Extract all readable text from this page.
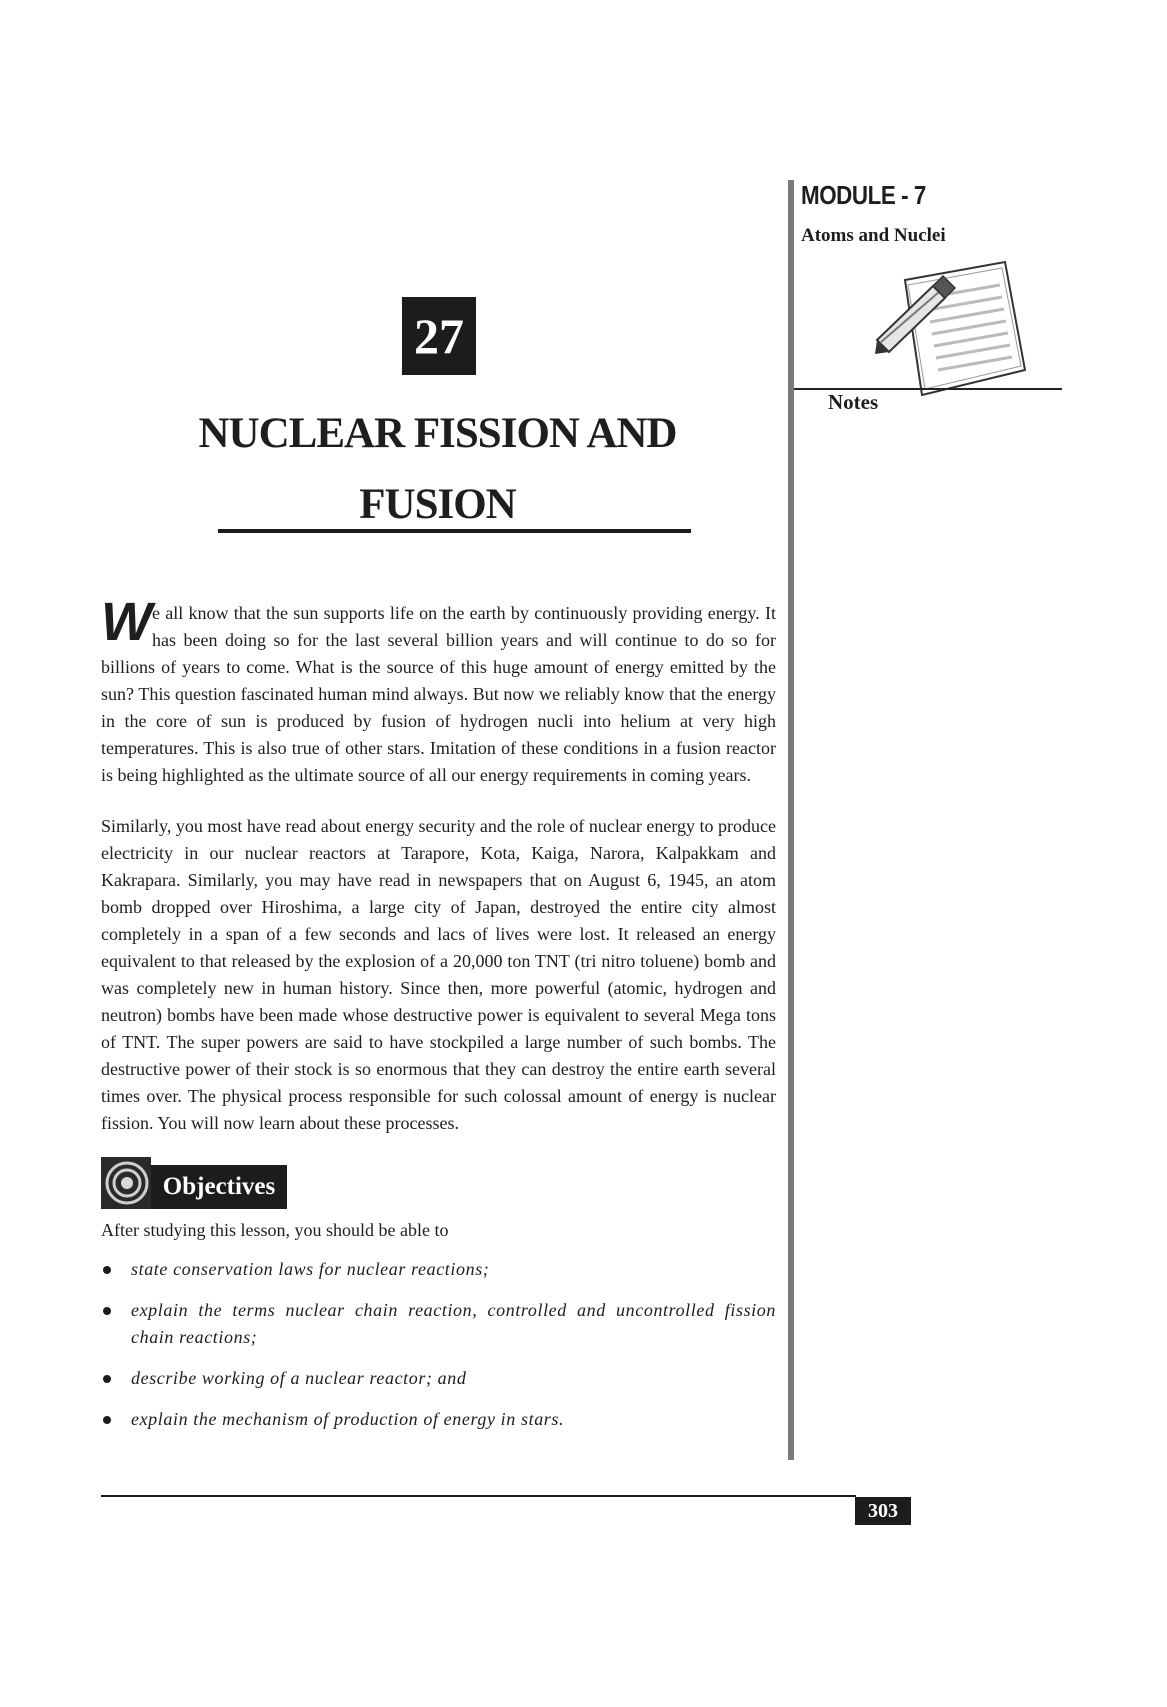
MODULE - 7
Atoms and Nuclei
Notes
27
NUCLEAR FISSION AND
FUSION

We all know that the sun supports life on the earth by continuously providing energy. It has been doing so for the last several billion years and will continue to do so for billions of years to come. What is the source of this huge amount of energy emitted by the sun? This question fascinated human mind always. But now we reliably know that the energy in the core of sun is produced by fusion of hydrogen nucli into helium at very high temperatures. This is also true of other stars. Imitation of these conditions in a fusion reactor is being highlighted as the ultimate source of all our energy requirements in coming years.

Similarly, you most have read about energy security and the role of nuclear energy to produce electricity in our nuclear reactors at Tarapore, Kota, Kaiga, Narora, Kalpakkam and Kakrapara. Similarly, you may have read in newspapers that on August 6, 1945, an atom bomb dropped over Hiroshima, a large city of Japan, destroyed the entire city almost completely in a span of a few seconds and lacs of lives were lost. It released an energy equivalent to that released by the explosion of a 20,000 ton TNT (tri nitro toluene) bomb and was completely new in human history. Since then, more powerful (atomic, hydrogen and neutron) bombs have been made whose destructive power is equivalent to several Mega tons of TNT. The super powers are said to have stockpiled a large number of such bombs. The destructive power of their stock is so enormous that they can destroy the entire earth several times over. The physical process responsible for such colossal amount of energy is nuclear fission. You will now learn about these processes.

Objectives

After studying this lesson, you should be able to

state conservation laws for nuclear reactions;
explain the terms nuclear chain reaction, controlled and uncontrolled fission chain reactions;
describe working of a nuclear reactor; and
explain the mechanism of production of energy in stars.
303
